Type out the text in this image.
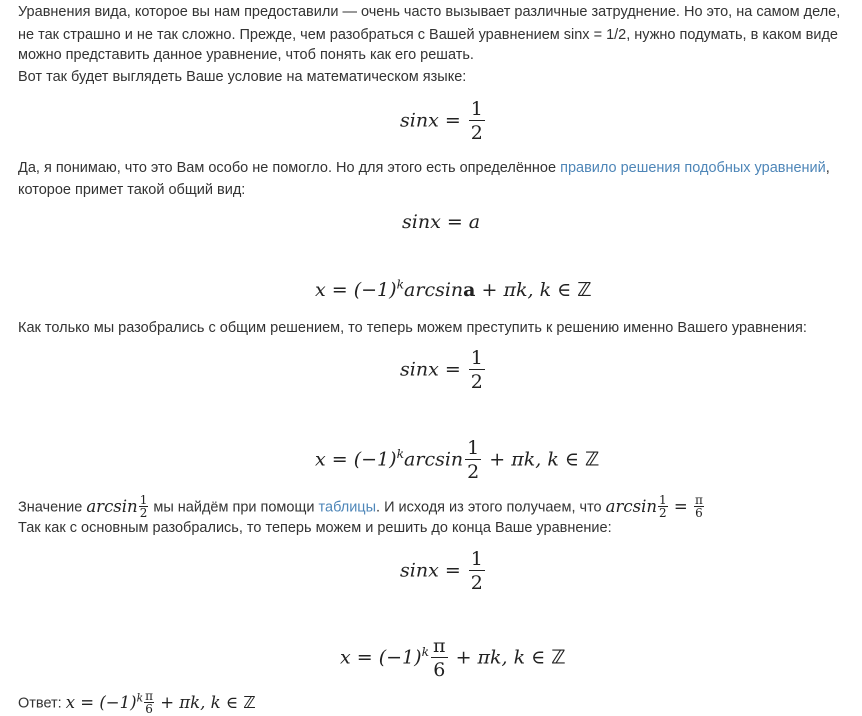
Уравнения вида, которое вы нам предоставили — очень часто вызывает различные затруднение. Но это, на самом деле,
не так страшно и не так сложно. Прежде, чем разобраться с Вашей уравнением sinx = 1/2, нужно подумать, в каком виде
можно представить данное уравнение, чтоб понять как его решать.
Вот так будет выглядеть Ваше условие на математическом языке:
$\sin x = \frac{1}{2}$
Да, я понимаю, что это Вам особо не помогло. Но для этого есть определённое правило решения подобных уравнений,
которое примет такой общий вид:
sinx = a
$x = (-1)^k\arcsin a + \pi k$, k ∈ ℤ
Как только мы разобрались с общим решением, то теперь можем преступить к решению именно Вашего уравнения:
$\sin x = \frac{1}{2}$
$x = (-1)^k\arcsin \frac{1}{2} + \pi k$, k ∈ ℤ
Значение $\arcsin \frac{1}{2}$ мы найдём при помощи таблицы. И исходя из этого получаем, что $\arcsin \frac{1}{2} = \frac{\pi}{6}$
Так как с основным разобрались, то теперь можем и решить до конца Ваше уравнение:
$\sin x = \frac{1}{2}$
$x = (-1)^k \frac{\pi}{6} + \pi k$, k ∈ ℤ
Ответ: $x = (-1)^k \frac{\pi}{6} + \pi k$, k ∈ ℤ
